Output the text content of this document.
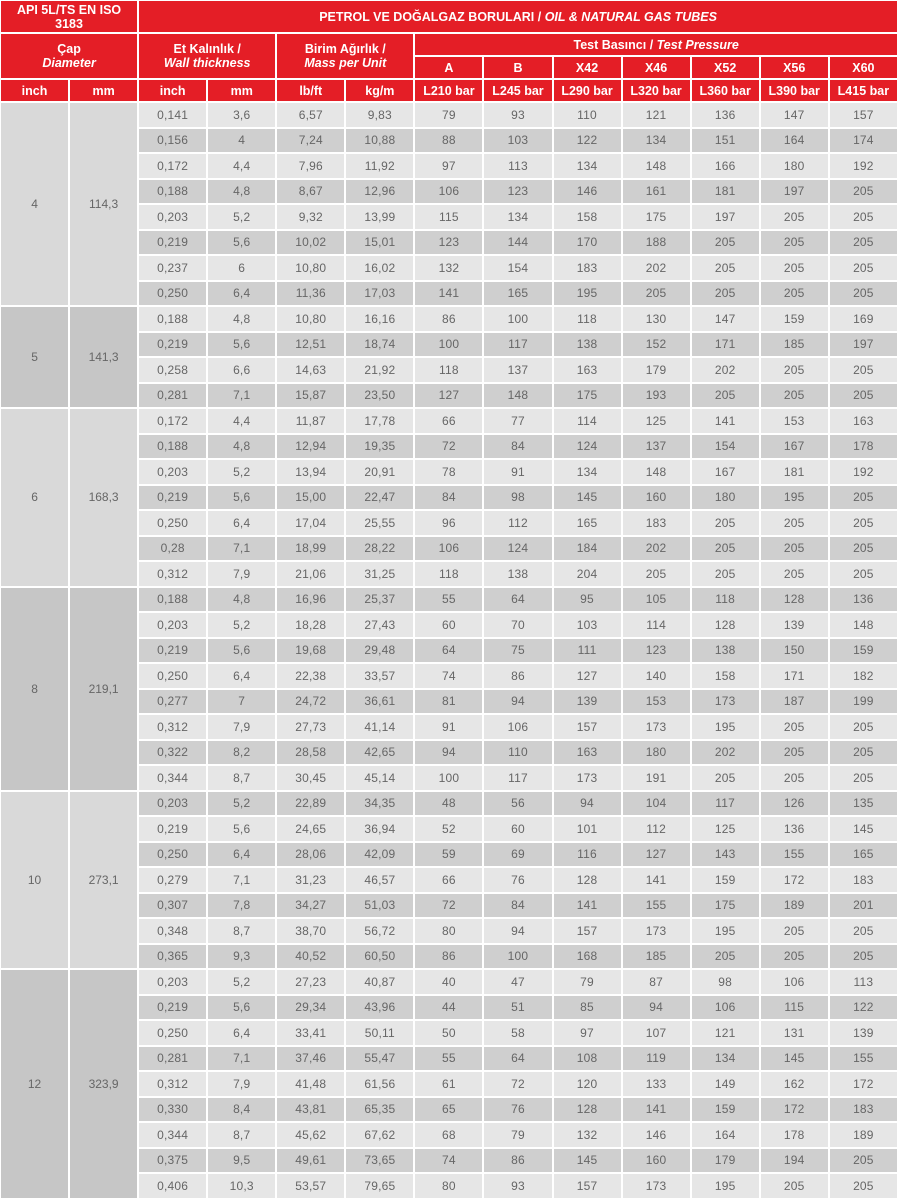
API 5L/TS EN ISO
3183		PETROL VE DOĞALGAZ BORULARI / OIL & NATURAL GAS TUBES										
Çap
Diameter		Et Kalınlık /
Wall thickness		Birim Ağırlık /
Mass per Unit		Test Basıncı / Test Pressure						
						A	B	X42	X46	X52	X56	X60
inch	mm	inch	mm	lb/ft	kg/m	L210 bar	L245 bar	L290 bar	L320 bar	L360 bar	L390 bar	L415 bar
4	114,3	0,141	3,6	6,57	9,83	79	93	110	121	136	147	157
		0,156	4	7,24	10,88	88	103	122	134	151	164	174
		0,172	4,4	7,96	11,92	97	113	134	148	166	180	192
		0,188	4,8	8,67	12,96	106	123	146	161	181	197	205
		0,203	5,2	9,32	13,99	115	134	158	175	197	205	205
		0,219	5,6	10,02	15,01	123	144	170	188	205	205	205
		0,237	6	10,80	16,02	132	154	183	202	205	205	205
		0,250	6,4	11,36	17,03	141	165	195	205	205	205	205
5	141,3	0,188	4,8	10,80	16,16	86	100	118	130	147	159	169
		0,219	5,6	12,51	18,74	100	117	138	152	171	185	197
		0,258	6,6	14,63	21,92	118	137	163	179	202	205	205
		0,281	7,1	15,87	23,50	127	148	175	193	205	205	205
6	168,3	0,172	4,4	11,87	17,78	66	77	114	125	141	153	163
		0,188	4,8	12,94	19,35	72	84	124	137	154	167	178
		0,203	5,2	13,94	20,91	78	91	134	148	167	181	192
		0,219	5,6	15,00	22,47	84	98	145	160	180	195	205
		0,250	6,4	17,04	25,55	96	112	165	183	205	205	205
		0,28	7,1	18,99	28,22	106	124	184	202	205	205	205
		0,312	7,9	21,06	31,25	118	138	204	205	205	205	205
8	219,1	0,188	4,8	16,96	25,37	55	64	95	105	118	128	136
		0,203	5,2	18,28	27,43	60	70	103	114	128	139	148
		0,219	5,6	19,68	29,48	64	75	111	123	138	150	159
		0,250	6,4	22,38	33,57	74	86	127	140	158	171	182
		0,277	7	24,72	36,61	81	94	139	153	173	187	199
		0,312	7,9	27,73	41,14	91	106	157	173	195	205	205
		0,322	8,2	28,58	42,65	94	110	163	180	202	205	205
		0,344	8,7	30,45	45,14	100	117	173	191	205	205	205
10	273,1	0,203	5,2	22,89	34,35	48	56	94	104	117	126	135
		0,219	5,6	24,65	36,94	52	60	101	112	125	136	145
		0,250	6,4	28,06	42,09	59	69	116	127	143	155	165
		0,279	7,1	31,23	46,57	66	76	128	141	159	172	183
		0,307	7,8	34,27	51,03	72	84	141	155	175	189	201
		0,348	8,7	38,70	56,72	80	94	157	173	195	205	205
		0,365	9,3	40,52	60,50	86	100	168	185	205	205	205
12	323,9	0,203	5,2	27,23	40,87	40	47	79	87	98	106	113
		0,219	5,6	29,34	43,96	44	51	85	94	106	115	122
		0,250	6,4	33,41	50,11	50	58	97	107	121	131	139
		0,281	7,1	37,46	55,47	55	64	108	119	134	145	155
		0,312	7,9	41,48	61,56	61	72	120	133	149	162	172
		0,330	8,4	43,81	65,35	65	76	128	141	159	172	183
		0,344	8,7	45,62	67,62	68	79	132	146	164	178	189
		0,375	9,5	49,61	73,65	74	86	145	160	179	194	205
		0,406	10,3	53,57	79,65	80	93	157	173	195	205	205
